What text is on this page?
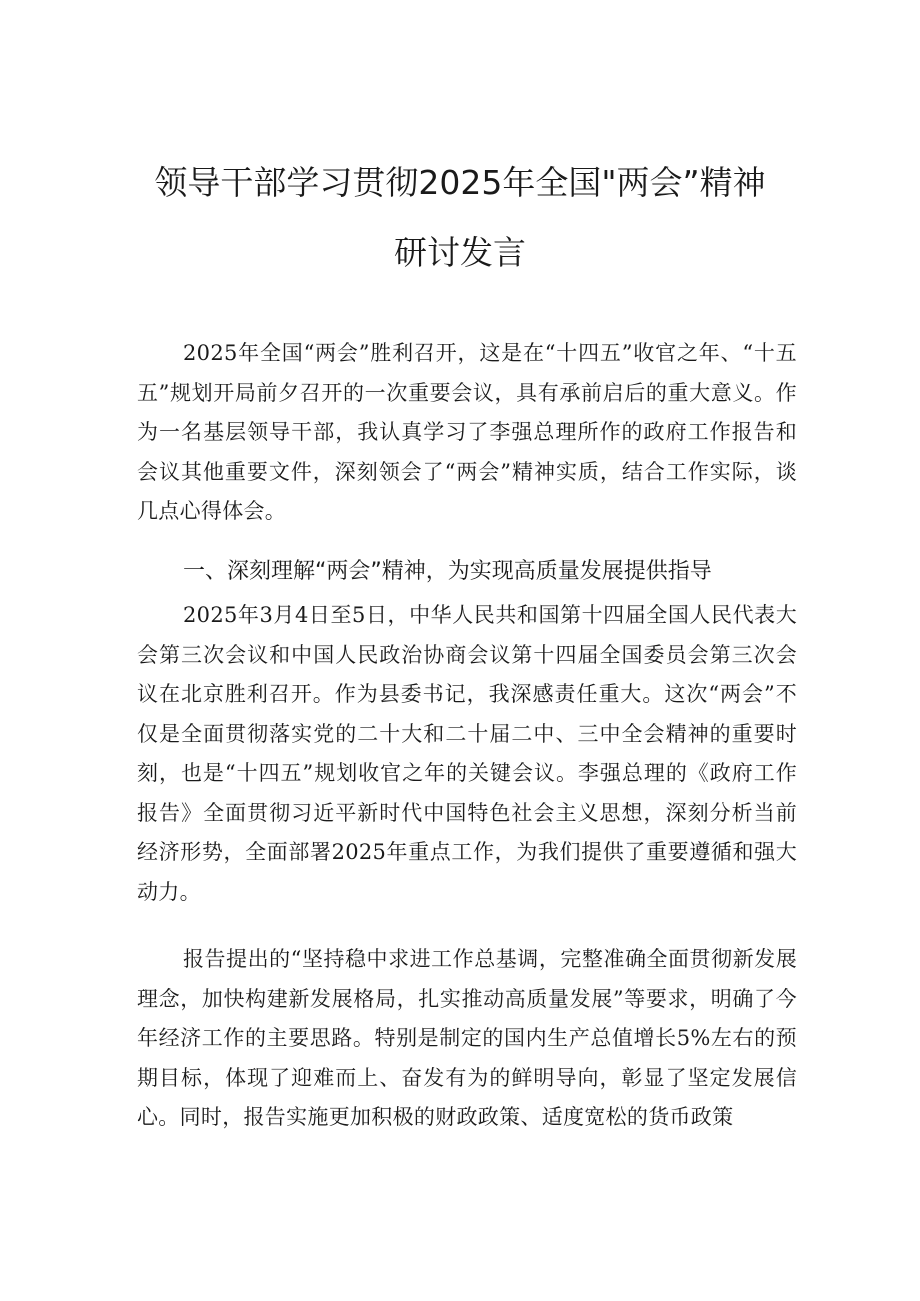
领导干部学习贯彻2025年全国"两会”精神
研讨发言

2025年全国“两会”胜利召开，这是在“十四五”收官之年、“十五五”规划开局前夕召开的一次重要会议，具有承前启后的重大意义。作为一名基层领导干部，我认真学习了李强总理所作的政府工作报告和会议其他重要文件，深刻领会了“两会”精神实质，结合工作实际，谈几点心得体会。

一、深刻理解“两会”精神，为实现高质量发展提供指导

2025年3月4日至5日，中华人民共和国第十四届全国人民代表大会第三次会议和中国人民政治协商会议第十四届全国委员会第三次会议在北京胜利召开。作为县委书记，我深感责任重大。这次“两会”不仅是全面贯彻落实党的二十大和二十届二中、三中全会精神的重要时刻，也是“十四五”规划收官之年的关键会议。李强总理的《政府工作报告》全面贯彻习近平新时代中国特色社会主义思想，深刻分析当前经济形势，全面部署2025年重点工作，为我们提供了重要遵循和强大动力。

报告提出的“坚持稳中求进工作总基调，完整准确全面贯彻新发展理念，加快构建新发展格局，扎实推动高质量发展”等要求，明确了今年经济工作的主要思路。特别是制定的国内生产总值增长5%左右的预期目标，体现了迎难而上、奋发有为的鲜明导向，彰显了坚定发展信心。同时，报告实施更加积极的财政政策、适度宽松的货币政策
